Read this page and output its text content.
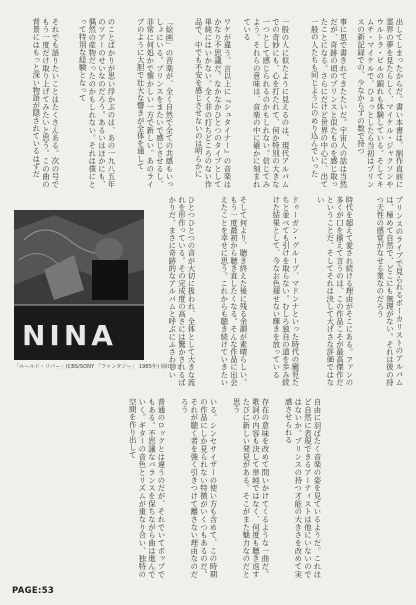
出してしまったからだ。書い本書は、制作直前に霊界の夢を見たらしく、マイケル・ジャクソンやウルトラ・ビルの顕れも体験している。そしてキムチ・マイケルで、ひょっとしたら当初はプリンスの新記録での、少なからずの数で持つ
事に思で書きれてきたたいだ。宇宙人の話は当然だが、奇跡の頃のプリンスと似たものを感じ取ったことになる。さらにだけど世界の中心に、出て一般の人たちも同じようにのめり込んでいった
一般の人に似たように見えるのは、現代アルバムでの奇妙にも、心を打たれて、何か特別の大きな一つとして感じられるのかもしれない。信じてみよう。それらの意味は、音楽の中に確かに刻まれている
ワケが違う。言以上に『シュタイナー』の音楽はかなり不思議だ。なかなかひとつのタイプとして単純にはいかない。全く非の打ちどころのない作品で、中でも不安を感じさせないのは明らかに
「絵画」の音楽が、全く自然で全ての共感もいっしょにいる。プリンスをまたいで感じさせるし、非常に何処かで懐かしい一方で新しい。あのライブのように大胆で壮大な響きが全体を通して
のことばかりが思い浮かぶのは、あの一九八五年のツアーのせいなのだろう。あるいはほかにも、偶然の産物だったのかもしれない。それは僕にとって特別な経験となって
それでも語りたいことはたくさんある。次の号でもう一度だけ取り上げてみたいと思う。この曲の背景にはもっと深い物語が隠されているはずだ
プリンスのライブで見られるボーカリストのアルバムは、極めて自然で、どこにも無理がない。それは彼の持つ天性の感覚がなせる業なのだろう
時代を超えて愛され続ける理由がそこにある。ファンの多くが口を揃えて言うのは、この作品こそが最高傑作だということだ。そしてそれは決して大げさな評価ではない
ドゥーガン・グループ、マドンナといった時代の寵児たちと並べても引けを取らない。むしろ独自の道を歩み続けた結果として、今なお色褪せない輝きを放っている
そして何より、聴き終えた後に残る余韻が素晴らしい。もう一度最初から聴き直したくなる。そんな作品に出会えたことを幸せに思う。これからも聴き続けていきたい
ひとつひとつの音が大切に扱われ、全体として大きな流れを形作っている。その完成度の高さには驚かされるばかりだ。まさに奇跡的なアルバムと呼ぶにふさわしい
NINA
「ルールド・リバー」(CBS/SONY 「ファンタジー」 1985年) 岡田典子
普通のロックとは違うのだが、それでいてポップでもある。不思議なバランスを保ちながら曲は進んでいく。ギターの音色とリズムが重なり合い、独特の空間を作り出して	いる。シンセサイザーの使い方も含めて、この時期の作品にしか見られない特徴がいくつもあるのだ。それが聴く者を強く引きつけて離さない理由なのだろう	存在の意味を改めて問いかけてくるような一曲だ。歌詞の内容も決して単純ではなく、何度も聴き返すたびに新しい発見がある。そこがまた魅力なのだと思う	自由に羽ばたく音楽の姿を見ているようだ。これほど自然に表現できるアーティストは他にいないのではないか。プリンスの持つ才能の大きさを改めて実感させられる
PAGE:53
